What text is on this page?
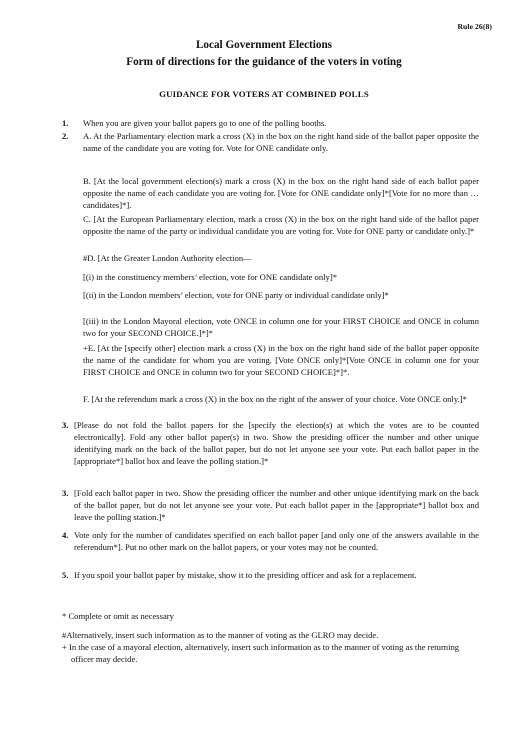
Rule 26(8)
Local Government Elections
Form of directions for the guidance of the voters in voting
GUIDANCE FOR VOTERS AT COMBINED POLLS
1. When you are given your ballot papers go to one of the polling booths.
2. A. At the Parliamentary election mark a cross (X) in the box on the right hand side of the ballot paper opposite the name of the candidate you are voting for. Vote for ONE candidate only.
B. [At the local government election(s) mark a cross (X) in the box on the right hand side of each ballot paper opposite the name of each candidate you are voting for. [Vote for ONE candidate only]*[Vote for no more than … candidates]*].
C. [At the European Parliamentary election, mark a cross (X) in the box on the right hand side of the ballot paper opposite the name of the party or individual candidate you are voting for. Vote for ONE party or candidate only.]*
#D. [At the Greater London Authority election—
[(i) in the constituency members’ election, vote for ONE candidate only]*
[(ii) in the London members’ election, vote for ONE party or individual candidate only]*
[(iii) in the London Mayoral election, vote ONCE in column one for your FIRST CHOICE and ONCE in column two for your SECOND CHOICE.]*]*
+E. [At the [specify other] election mark a cross (X) in the box on the right hand side of the ballot paper opposite the name of the candidate for whom you are voting. [Vote ONCE only]*[Vote ONCE in column one for your FIRST CHOICE and ONCE in column two for your SECOND CHOICE]*]*.
F. [At the referendum mark a cross (X) in the box on the right of the answer of your choice. Vote ONCE only.]*
3. [Please do not fold the ballot papers for the [specify the election(s) at which the votes are to be counted electronically]. Fold any other ballot paper(s) in two. Show the presiding officer the number and other unique identifying mark on the back of the ballot paper, but do not let anyone see your vote. Put each ballot paper in the [appropriate*] ballot box and leave the polling station.]*
3. [Fold each ballot paper in two. Show the presiding officer the number and other unique identifying mark on the back of the ballot paper, but do not let anyone see your vote. Put each ballot paper in the [appropriate*] ballot box and leave the polling station.]*
4. Vote only for the number of candidates specified on each ballot paper [and only one of the answers available in the referendum*]. Put no other mark on the ballot papers, or your votes may not be counted.
5. If you spoil your ballot paper by mistake, show it to the presiding officer and ask for a replacement.
* Complete or omit as necessary
#Alternatively, insert such information as to the manner of voting as the GLRO may decide.
+ In the case of a mayoral election, alternatively, insert such information as to the manner of voting as the returning officer may decide.
